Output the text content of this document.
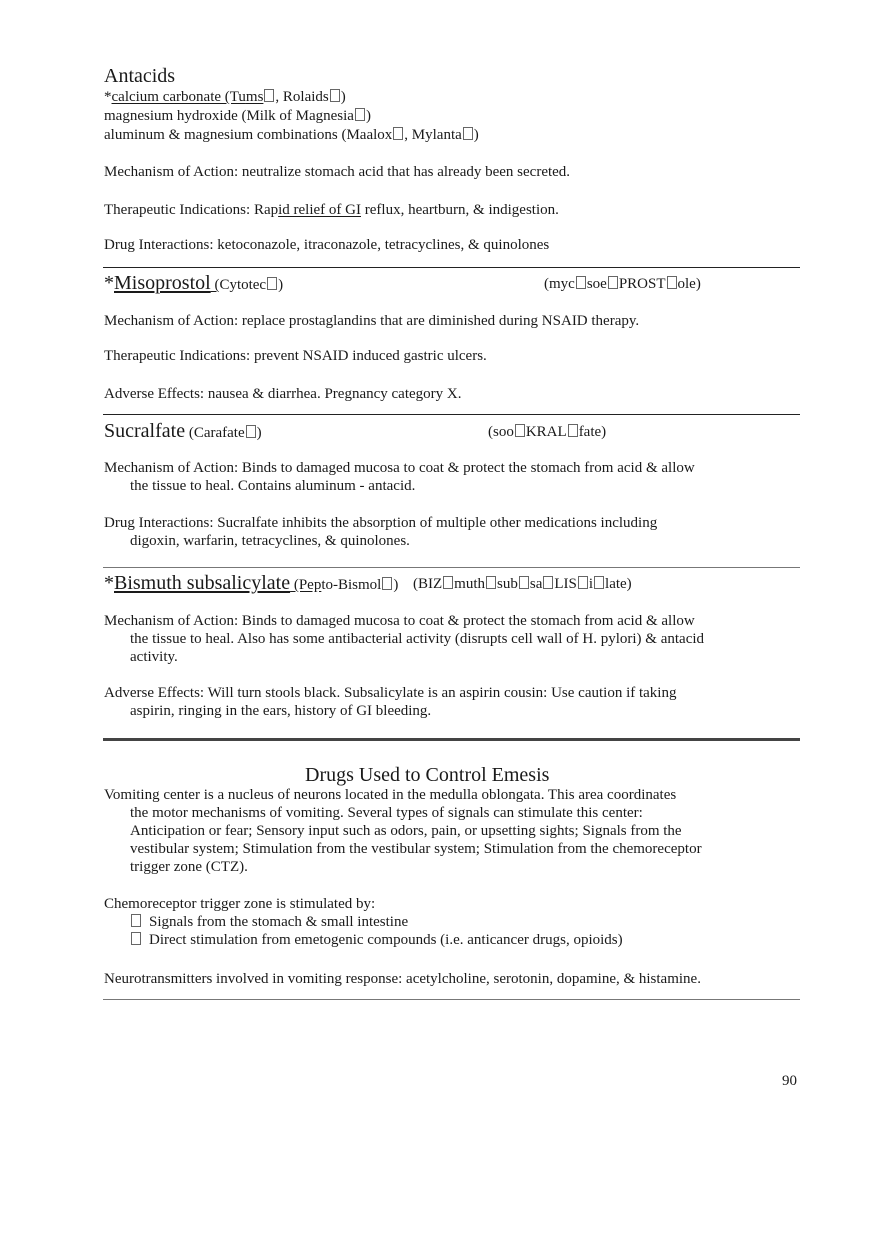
Antacids
*calcium carbonate (Tums , Rolaids )
magnesium hydroxide (Milk of Magnesia )
aluminum & magnesium combinations (Maalox , Mylanta )
Mechanism of Action: neutralize stomach acid that has already been secreted.
Therapeutic Indications: Rapid relief of GI reflux, heartburn, & indigestion.
Drug Interactions: ketoconazole, itraconazole, tetracyclines, & quinolones
*Misoprostol (Cytotec )	(myc soe PROST ole)
Mechanism of Action: replace prostaglandins that are diminished during NSAID therapy.
Therapeutic Indications: prevent NSAID induced gastric ulcers.
Adverse Effects: nausea & diarrhea. Pregnancy category X.
Sucralfate (Carafate )	(soo KRAL fate)
Mechanism of Action: Binds to damaged mucosa to coat & protect the stomach from acid & allow
the tissue to heal. Contains aluminum - antacid.
Drug Interactions: Sucralfate inhibits the absorption of multiple other medications including
digoxin, warfarin, tetracyclines, & quinolones.
*Bismuth subsalicylate (Pepto-Bismol ) (BIZ muth sub sa LIS i late)
Mechanism of Action: Binds to damaged mucosa to coat & protect the stomach from acid & allow
the tissue to heal. Also has some antibacterial activity (disrupts cell wall of H. pylori) & antacid
activity.
Adverse Effects: Will turn stools black. Subsalicylate is an aspirin cousin: Use caution if taking
aspirin, ringing in the ears, history of GI bleeding.
Drugs Used to Control Emesis
Vomiting center is a nucleus of neurons located in the medulla oblongata. This area coordinates
the motor mechanisms of vomiting. Several types of signals can stimulate this center:
Anticipation or fear; Sensory input such as odors, pain, or upsetting sights; Signals from the
vestibular system; Stimulation from the vestibular system; Stimulation from the chemoreceptor
trigger zone (CTZ).
Chemoreceptor trigger zone is stimulated by:
Signals from the stomach & small intestine
Direct stimulation from emetogenic compounds (i.e. anticancer drugs, opioids)
Neurotransmitters involved in vomiting response: acetylcholine, serotonin, dopamine, & histamine.
90
